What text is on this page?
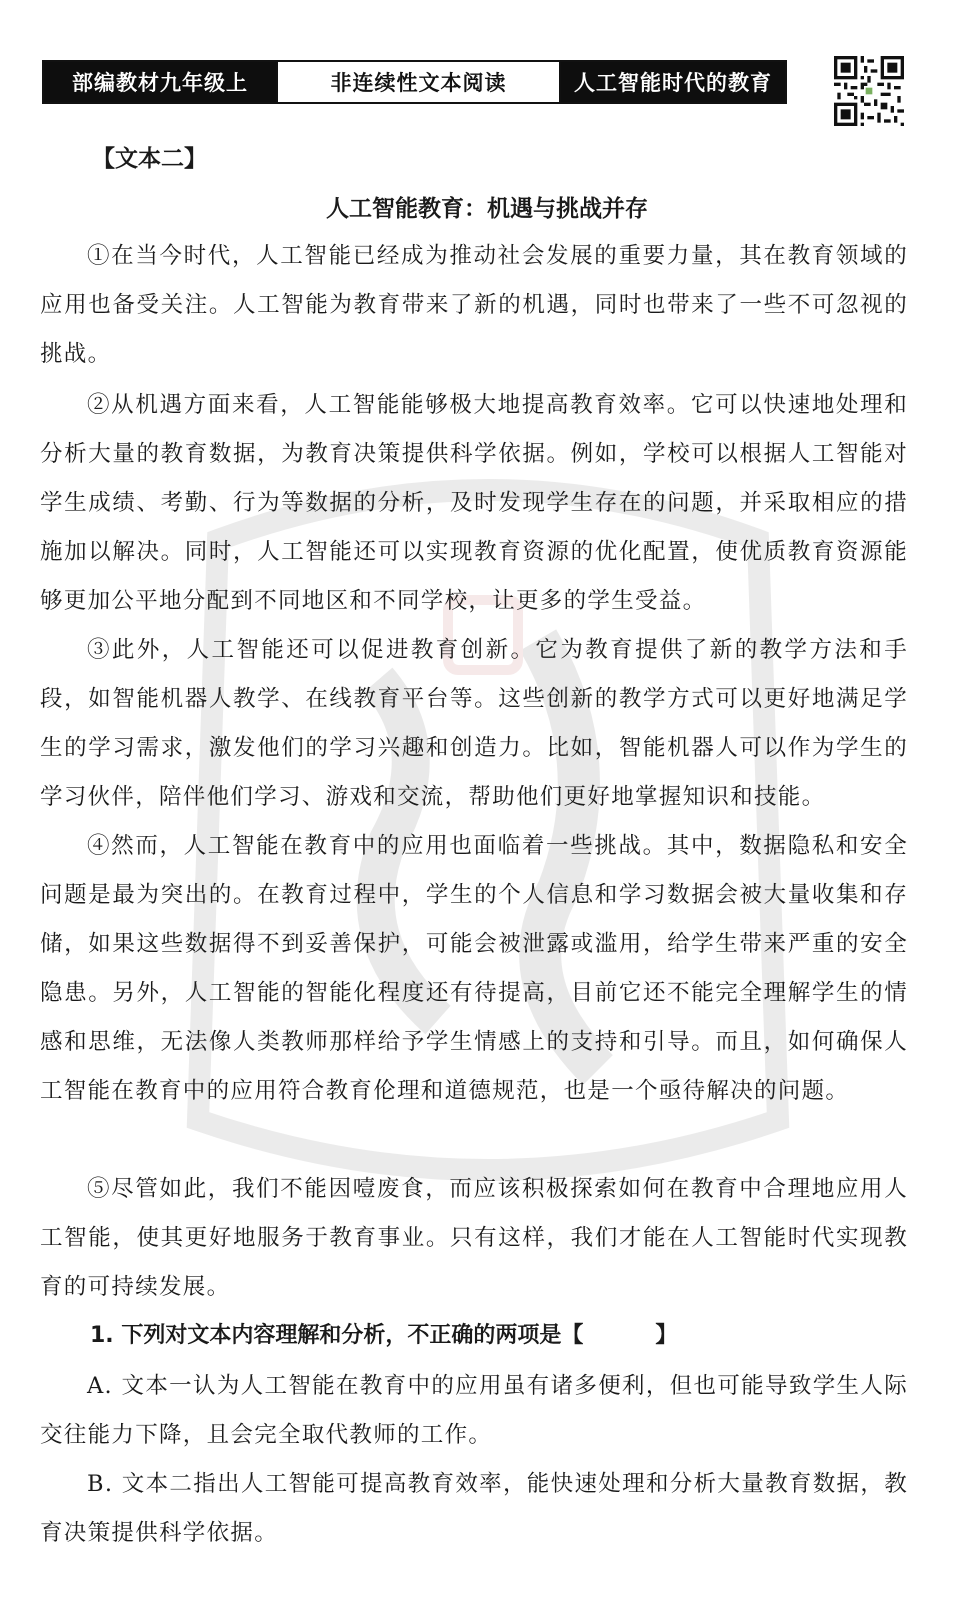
部编教材九年级上	非连续性文本阅读	人工智能时代的教育
【文本二】
人工智能教育：机遇与挑战并存

①在当今时代，人工智能已经成为推动社会发展的重要力量，其在教育领域的应用也备受关注。人工智能为教育带来了新的机遇，同时也带来了一些不可忽视的挑战。

②从机遇方面来看，人工智能能够极大地提高教育效率。它可以快速地处理和分析大量的教育数据，为教育决策提供科学依据。例如，学校可以根据人工智能对学生成绩、考勤、行为等数据的分析，及时发现学生存在的问题，并采取相应的措施加以解决。同时，人工智能还可以实现教育资源的优化配置，使优质教育资源能够更加公平地分配到不同地区和不同学校，让更多的学生受益。

③此外，人工智能还可以促进教育创新。它为教育提供了新的教学方法和手段，如智能机器人教学、在线教育平台等。这些创新的教学方式可以更好地满足学生的学习需求，激发他们的学习兴趣和创造力。比如，智能机器人可以作为学生的学习伙伴，陪伴他们学习、游戏和交流，帮助他们更好地掌握知识和技能。

④然而，人工智能在教育中的应用也面临着一些挑战。其中，数据隐私和安全问题是最为突出的。在教育过程中，学生的个人信息和学习数据会被大量收集和存储，如果这些数据得不到妥善保护，可能会被泄露或滥用，给学生带来严重的安全隐患。另外，人工智能的智能化程度还有待提高，目前它还不能完全理解学生的情感和思维，无法像人类教师那样给予学生情感上的支持和引导。而且，如何确保人工智能在教育中的应用符合教育伦理和道德规范，也是一个亟待解决的问题。

⑤尽管如此，我们不能因噎废食，而应该积极探索如何在教育中合理地应用人工智能，使其更好地服务于教育事业。只有这样，我们才能在人工智能时代实现教育的可持续发展。

1. 下列对文本内容理解和分析，不正确的两项是【	】

A. 文本一认为人工智能在教育中的应用虽有诸多便利，但也可能导致学生人际交往能力下降，且会完全取代教师的工作。

B. 文本二指出人工智能可提高教育效率，能快速处理和分析大量教育数据，教育决策提供科学依据。
